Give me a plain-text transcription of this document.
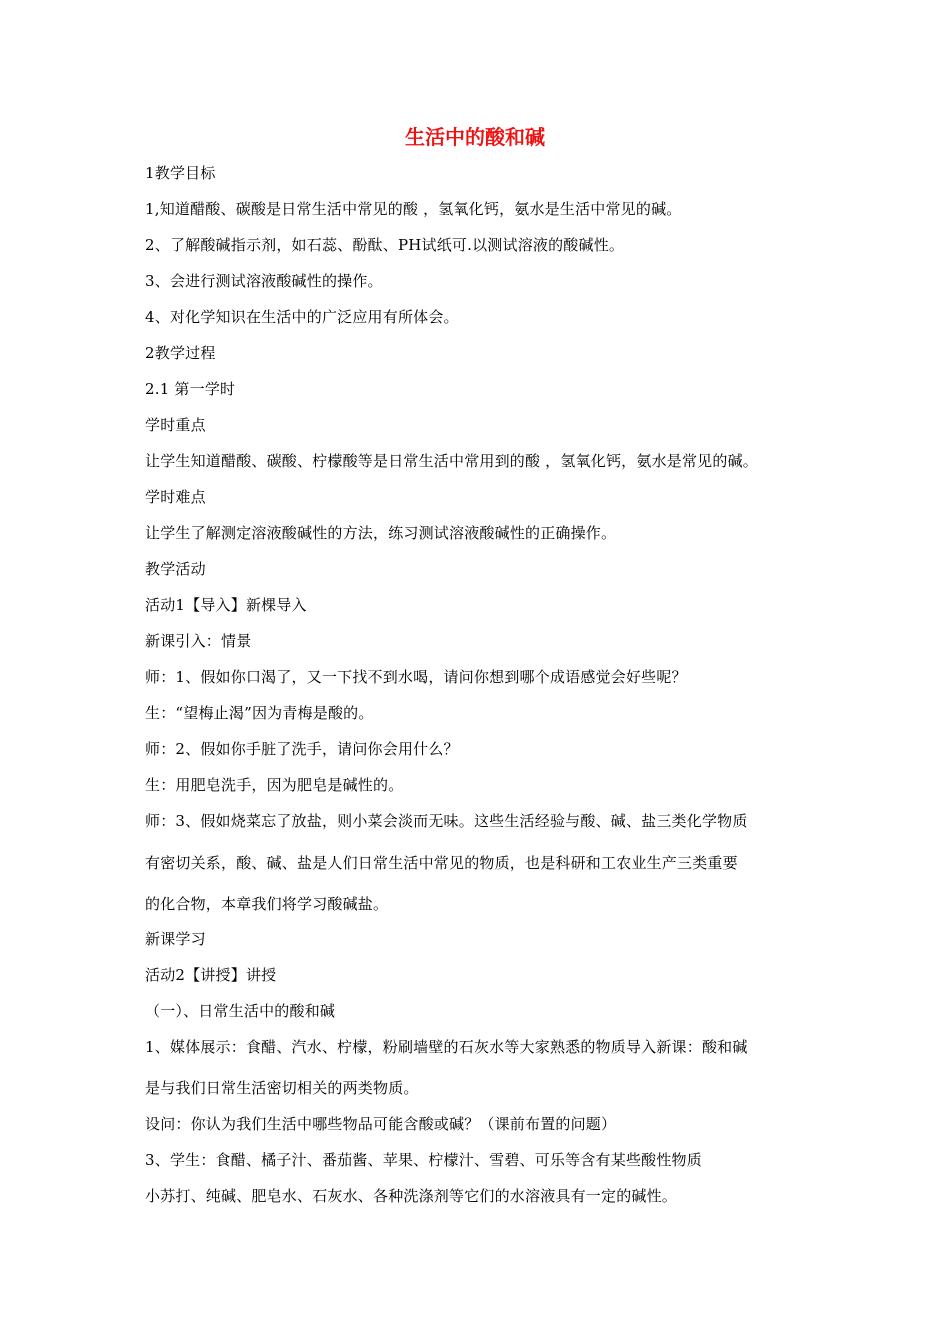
生活中的酸和碱
1教学目标
1,知道醋酸、碳酸是日常生活中常见的酸 ，氢氧化钙，氨水是生活中常见的碱。
2、了解酸碱指示剂，如石蕊、酚酞、PH试纸可.以测试溶液的酸碱性。
3、会进行测试溶液酸碱性的操作。
4、对化学知识在生活中的广泛应用有所体会。
2教学过程
2.1 第一学时
学时重点
让学生知道醋酸、碳酸、柠檬酸等是日常生活中常用到的酸 ，氢氧化钙，氨水是常见的碱。
学时难点
让学生了解测定溶液酸碱性的方法，练习测试溶液酸碱性的正确操作。
教学活动
活动1【导入】新棵导入
新课引入：情景
师：1、假如你口渴了，又一下找不到水喝，请问你想到哪个成语感觉会好些呢？
生：“望梅止渴”因为青梅是酸的。
师：2、假如你手脏了洗手，请问你会用什么？
生：用肥皂洗手，因为肥皂是碱性的。
师：3、假如烧菜忘了放盐，则小菜会淡而无味。这些生活经验与酸、碱、盐三类化学物质
有密切关系，酸、碱、盐是人们日常生活中常见的物质，也是科研和工农业生产三类重要
的化合物，本章我们将学习酸碱盐。
新课学习
活动2【讲授】讲授
（一）、日常生活中的酸和碱
1、媒体展示：食醋、汽水、柠檬，粉刷墙壁的石灰水等大家熟悉的物质导入新课：酸和碱
是与我们日常生活密切相关的两类物质。
设问：你认为我们生活中哪些物品可能含酸或碱？（课前布置的问题）
3、学生：食醋、橘子汁、番茄酱、苹果、柠檬汁、雪碧、可乐等含有某些酸性物质
小苏打、纯碱、肥皂水、石灰水、各种洗涤剂等它们的水溶液具有一定的碱性。
